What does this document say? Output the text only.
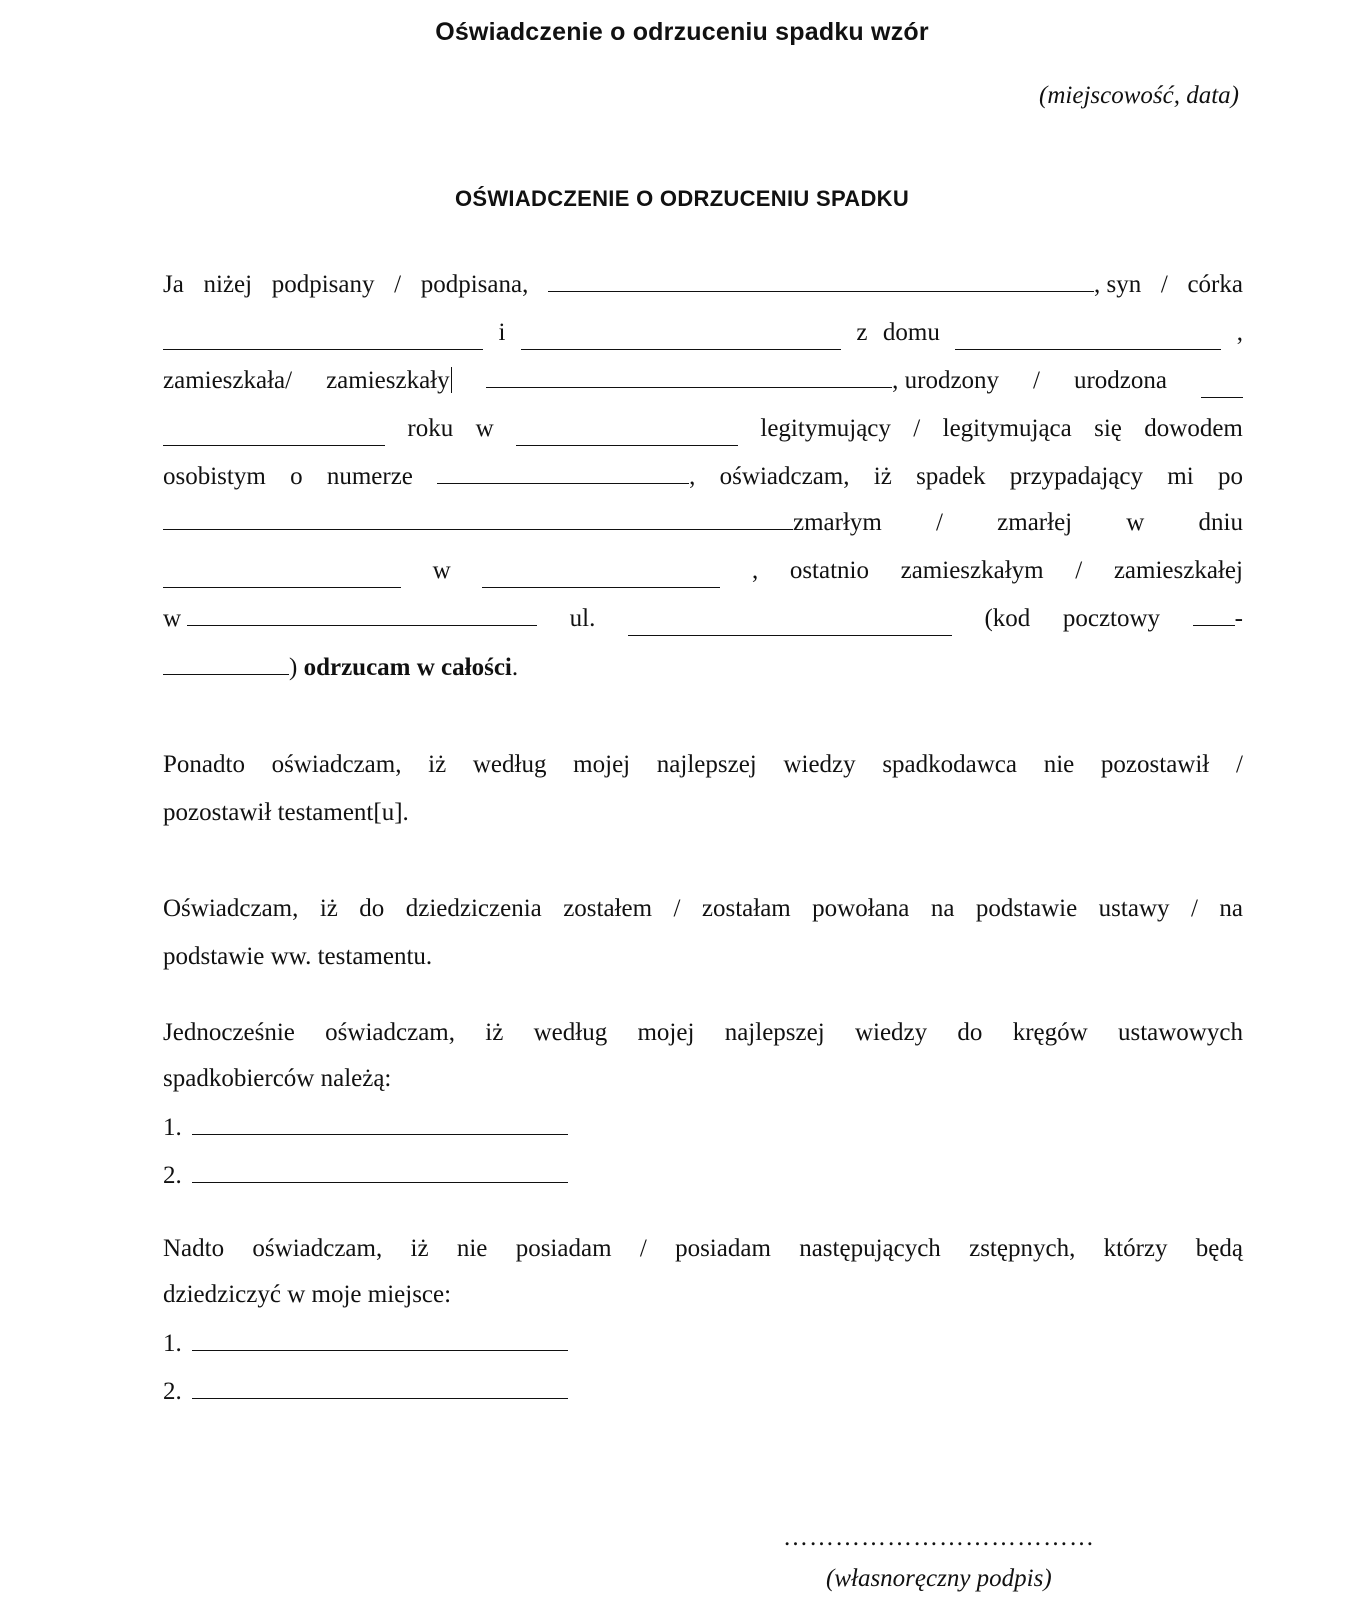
Oświadczenie o odrzuceniu spadku wzór
(miejscowość, data)
OŚWIADCZENIE O ODRZUCENIU SPADKU
Ja niżej podpisany / podpisana,	, syn / córka
i	z domu	,
zamieszkała/ zamieszkały	, urodzony / urodzona
roku w	legitymujący / legitymująca się dowodem
osobistym o numerze	, oświadczam, iż spadek przypadający mi po
zmarłym / zmarłej w dniu
w	, ostatnio zamieszkałym / zamieszkałej
w	ul.	(kod pocztowy	-
) odrzucam w całości.
Ponadto oświadczam, iż według mojej najlepszej wiedzy spadkodawca nie pozostawił /
pozostawił testament[u].
Oświadczam, iż do dziedziczenia zostałem / zostałam powołana na podstawie ustawy / na
podstawie ww. testamentu.
Jednocześnie oświadczam, iż według mojej najlepszej wiedzy do kręgów ustawowych
spadkobierców należą:
1.
2.
Nadto oświadczam, iż nie posiadam / posiadam następujących zstępnych, którzy będą
dziedziczyć w moje miejsce:
1.
2.
………………………………
(własnoręczny podpis)
